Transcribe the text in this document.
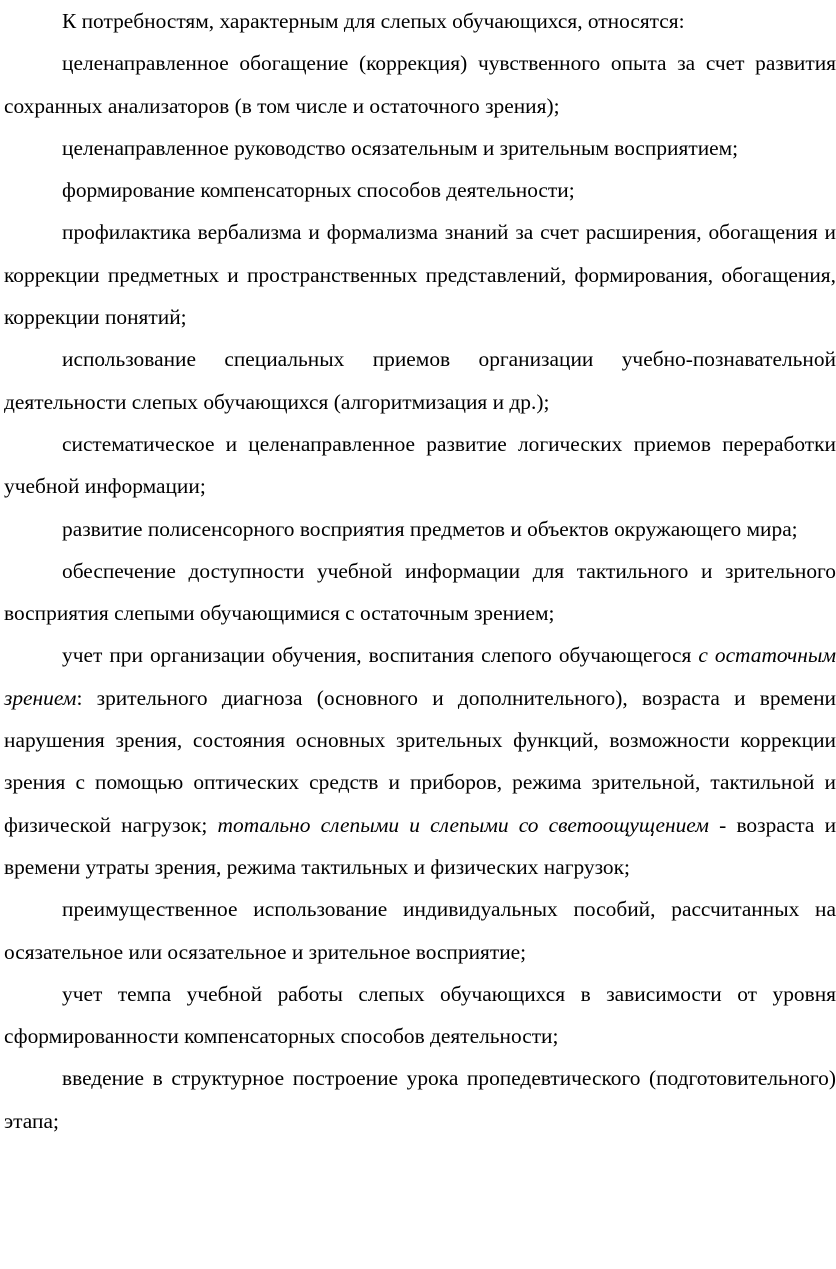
К потребностям, характерным для слепых обучающихся, относятся:

целенаправленное обогащение (коррекция) чувственного опыта за счет развития сохранных анализаторов (в том числе и остаточного зрения);

целенаправленное руководство осязательным и зрительным восприятием;

формирование компенсаторных способов деятельности;

профилактика вербализма и формализма знаний за счет расширения, обогащения и коррекции предметных и пространственных представлений, формирования, обогащения, коррекции понятий;

использование специальных приемов организации учебно-познавательной деятельности слепых обучающихся (алгоритмизация и др.);

систематическое и целенаправленное развитие логических приемов переработки учебной информации;

развитие полисенсорного восприятия предметов и объектов окружающего мира;

обеспечение доступности учебной информации для тактильного и зрительного восприятия слепыми обучающимися с остаточным зрением;

учет при организации обучения, воспитания слепого обучающегося с остаточным зрением: зрительного диагноза (основного и дополнительного), возраста и времени нарушения зрения, состояния основных зрительных функций, возможности коррекции зрения с помощью оптических средств и приборов, режима зрительной, тактильной и физической нагрузок; тотально слепыми и слепыми со светоощущением - возраста и времени утраты зрения, режима тактильных и физических нагрузок;

преимущественное использование индивидуальных пособий, рассчитанных на осязательное или осязательное и зрительное восприятие;

учет темпа учебной работы слепых обучающихся в зависимости от уровня сформированности компенсаторных способов деятельности;

введение в структурное построение урока пропедевтического (подготовительного) этапа;
